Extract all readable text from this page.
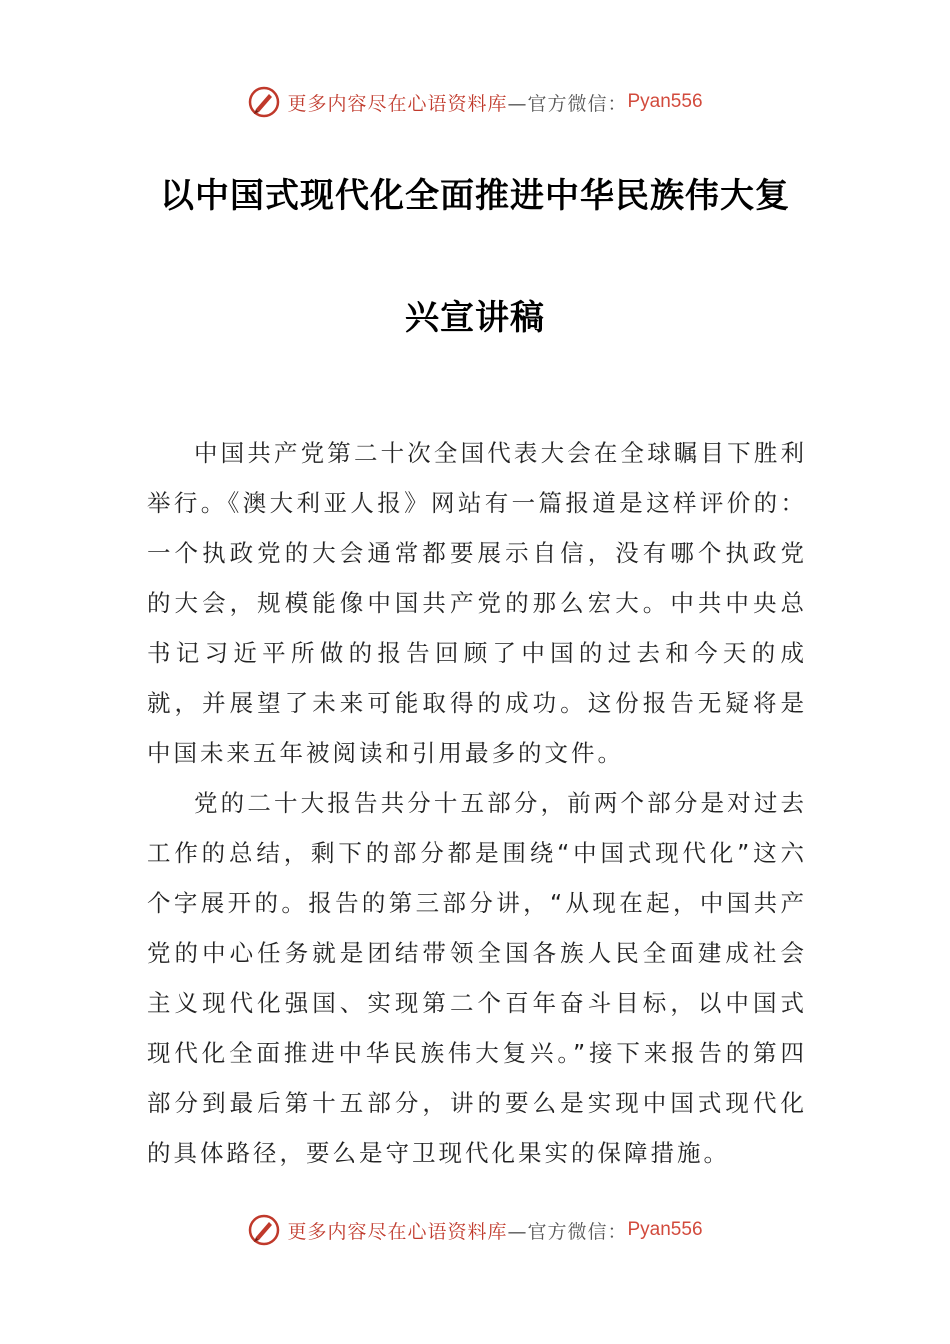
更多内容尽在心语资料库 —官方微信： Pyan556
以中国式现代化全面推进中华民族伟大复
兴宣讲稿

中国共产党第二十次全国代表大会在全球瞩目下胜利举行。《澳大利亚人报》网站有一篇报道是这样评价的：一个执政党的大会通常都要展示自信，没有哪个执政党的大会，规模能像中国共产党的那么宏大。中共中央总书记习近平所做的报告回顾了中国的过去和今天的成就，并展望了未来可能取得的成功。这份报告无疑将是中国未来五年被阅读和引用最多的文件。

党的二十大报告共分十五部分，前两个部分是对过去工作的总结，剩下的部分都是围绕“中国式现代化”这六个字展开的。报告的第三部分讲，“从现在起，中国共产党的中心任务就是团结带领全国各族人民全面建成社会主义现代化强国、实现第二个百年奋斗目标，以中国式现代化全面推进中华民族伟大复兴。”接下来报告的第四部分到最后第十五部分，讲的要么是实现中国式现代化的具体路径，要么是守卫现代化果实的保障措施。

更多内容尽在心语资料库 —官方微信： Pyan556
